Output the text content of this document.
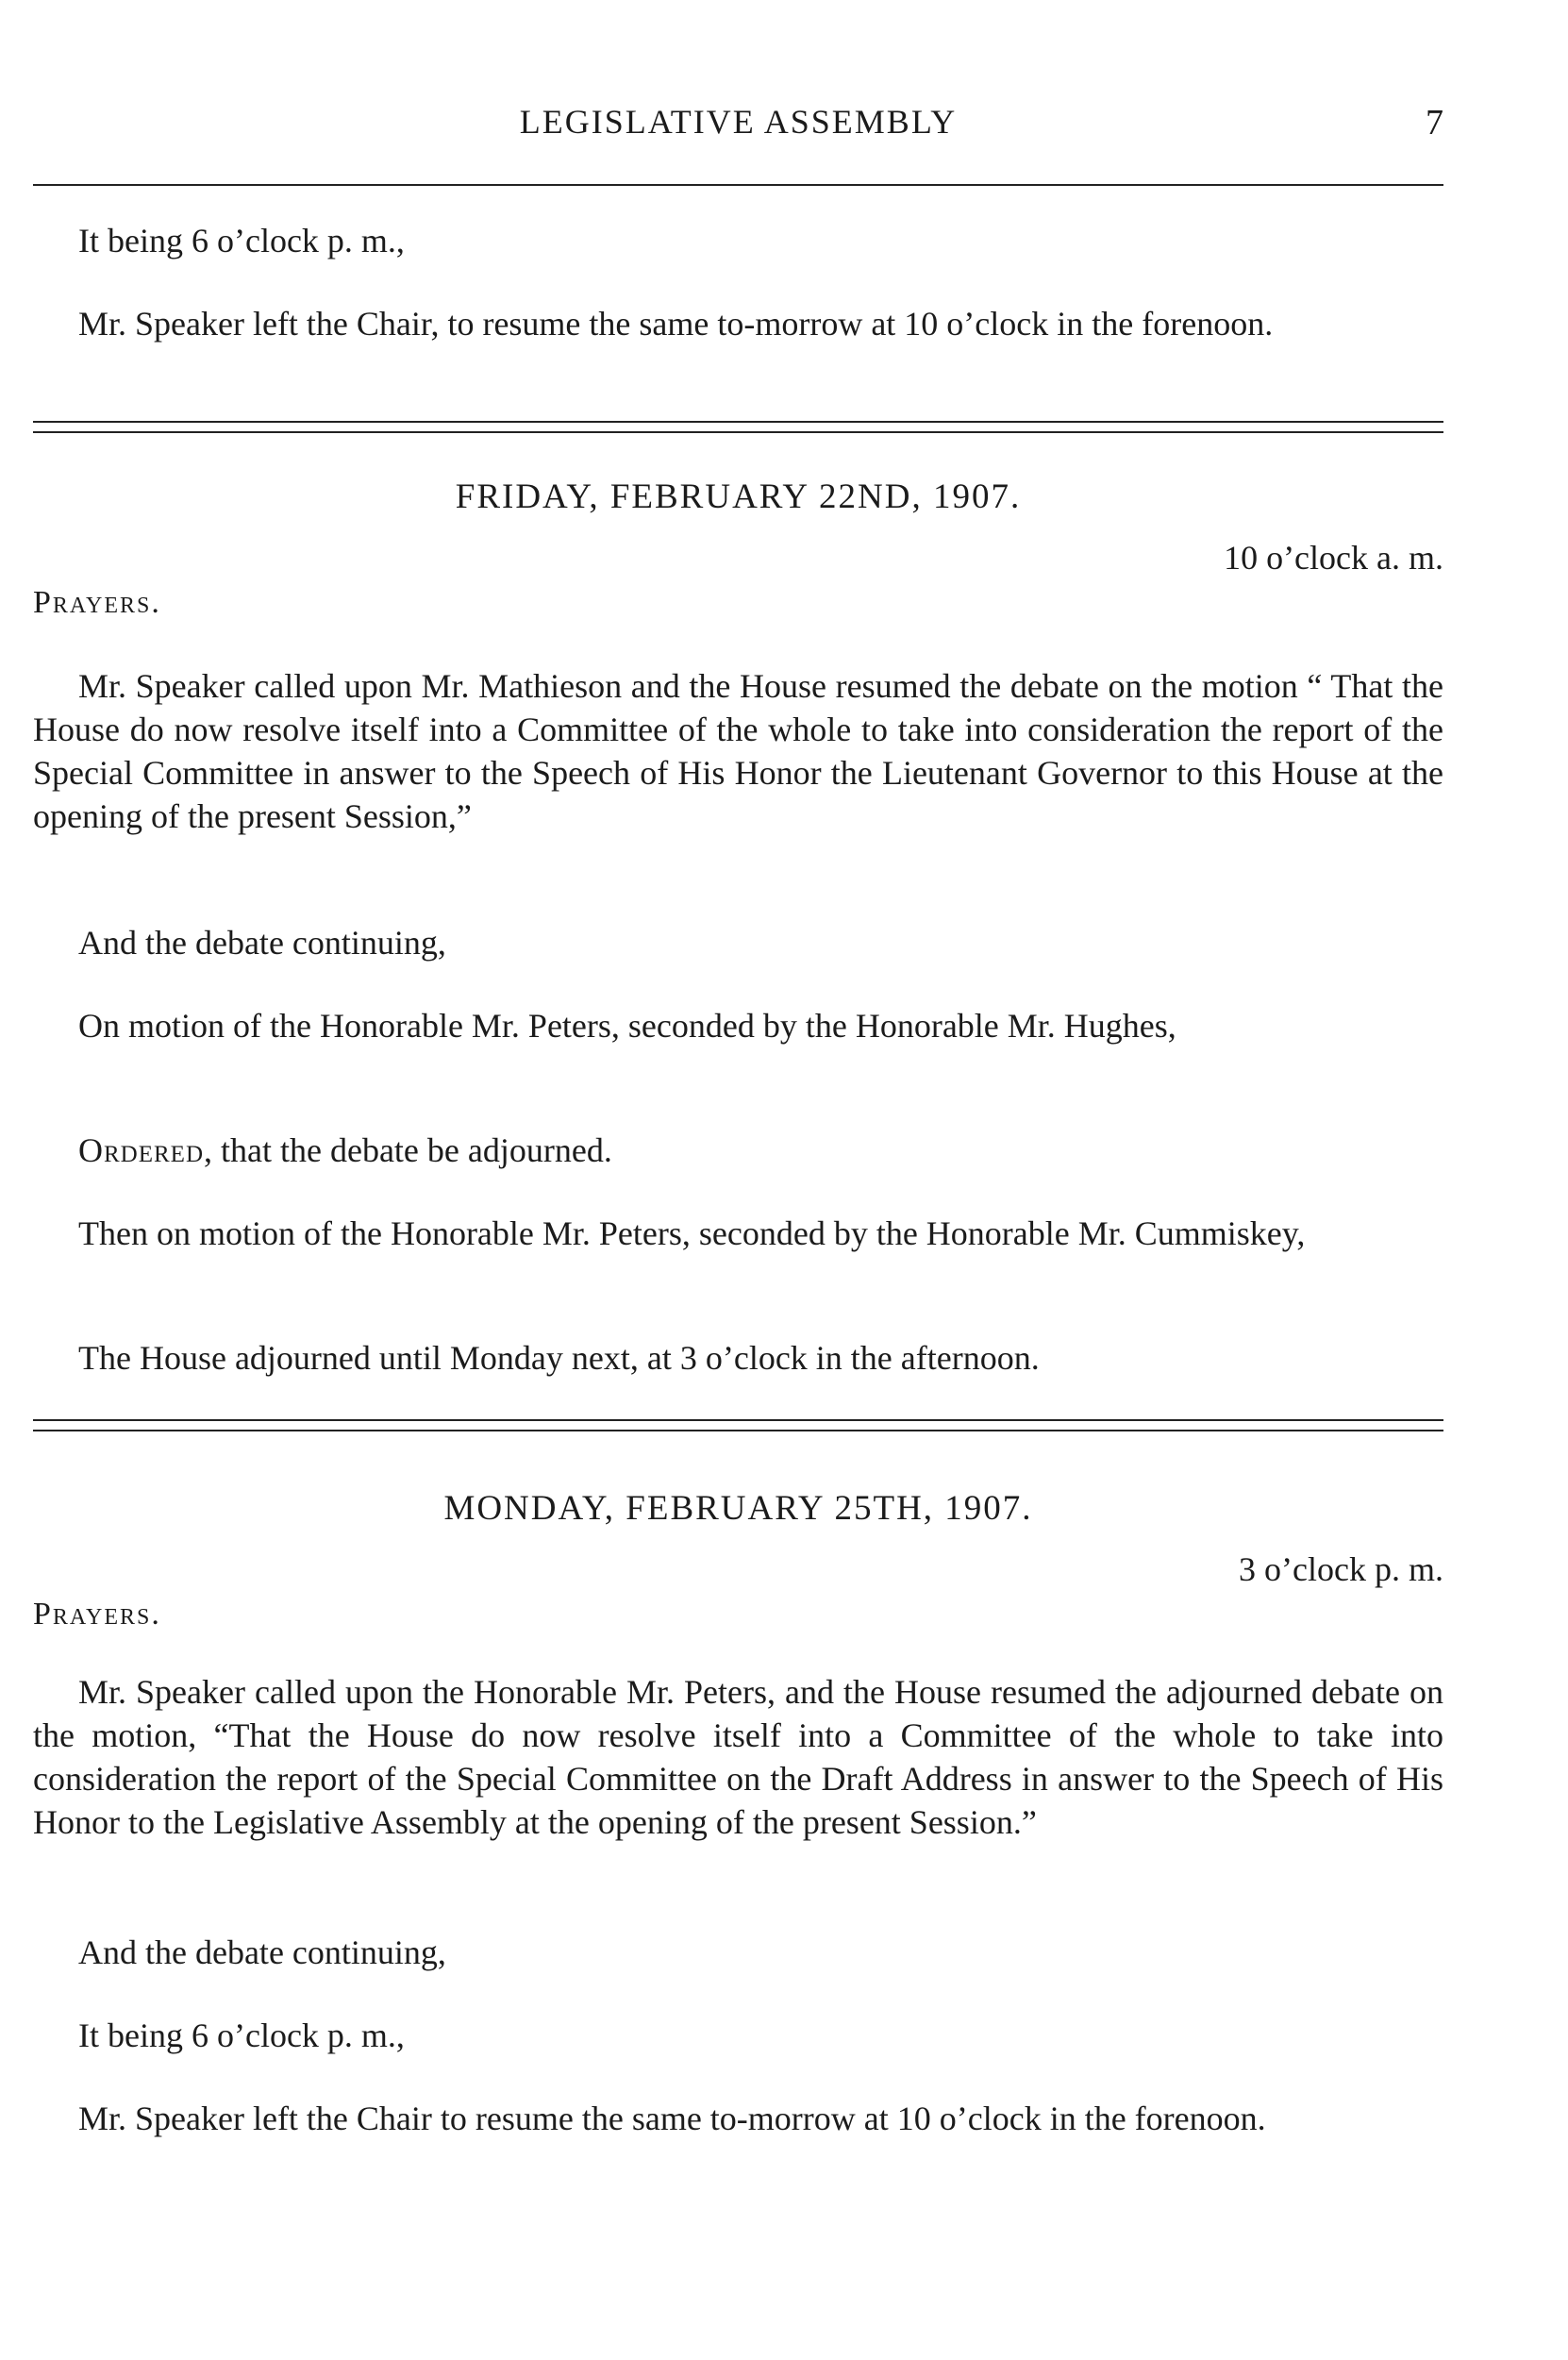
LEGISLATIVE ASSEMBLY	7

It being 6 o’clock p. m.,

Mr. Speaker left the Chair, to resume the same to-morrow at 10 o’clock in the forenoon.

FRIDAY, FEBRUARY 22ND, 1907.
10 o’clock a. m.
Prayers.

Mr. Speaker called upon Mr. Mathieson and the House resumed the debate on the motion “ That the House do now resolve itself into a Committee of the whole to take into consideration the report of the Special Committee in answer to the Speech of His Honor the Lieutenant Governor to this House at the opening of the present Session,”

And the debate continuing,

On motion of the Honorable Mr. Peters, seconded by the Honorable Mr. Hughes,

Ordered, that the debate be adjourned.

Then on motion of the Honorable Mr. Peters, seconded by the Honorable Mr. Cummiskey,

The House adjourned until Monday next, at 3 o’clock in the afternoon.

MONDAY, FEBRUARY 25TH, 1907.
3 o’clock p. m.
Prayers.

Mr. Speaker called upon the Honorable Mr. Peters, and the House resumed the adjourned debate on the motion, “That the House do now resolve itself into a Committee of the whole to take into consideration the report of the Special Committee on the Draft Address in answer to the Speech of His Honor to the Legislative Assembly at the opening of the present Session.”

And the debate continuing,

It being 6 o’clock p. m.,

Mr. Speaker left the Chair to resume the same to-morrow at 10 o’clock in the forenoon.
